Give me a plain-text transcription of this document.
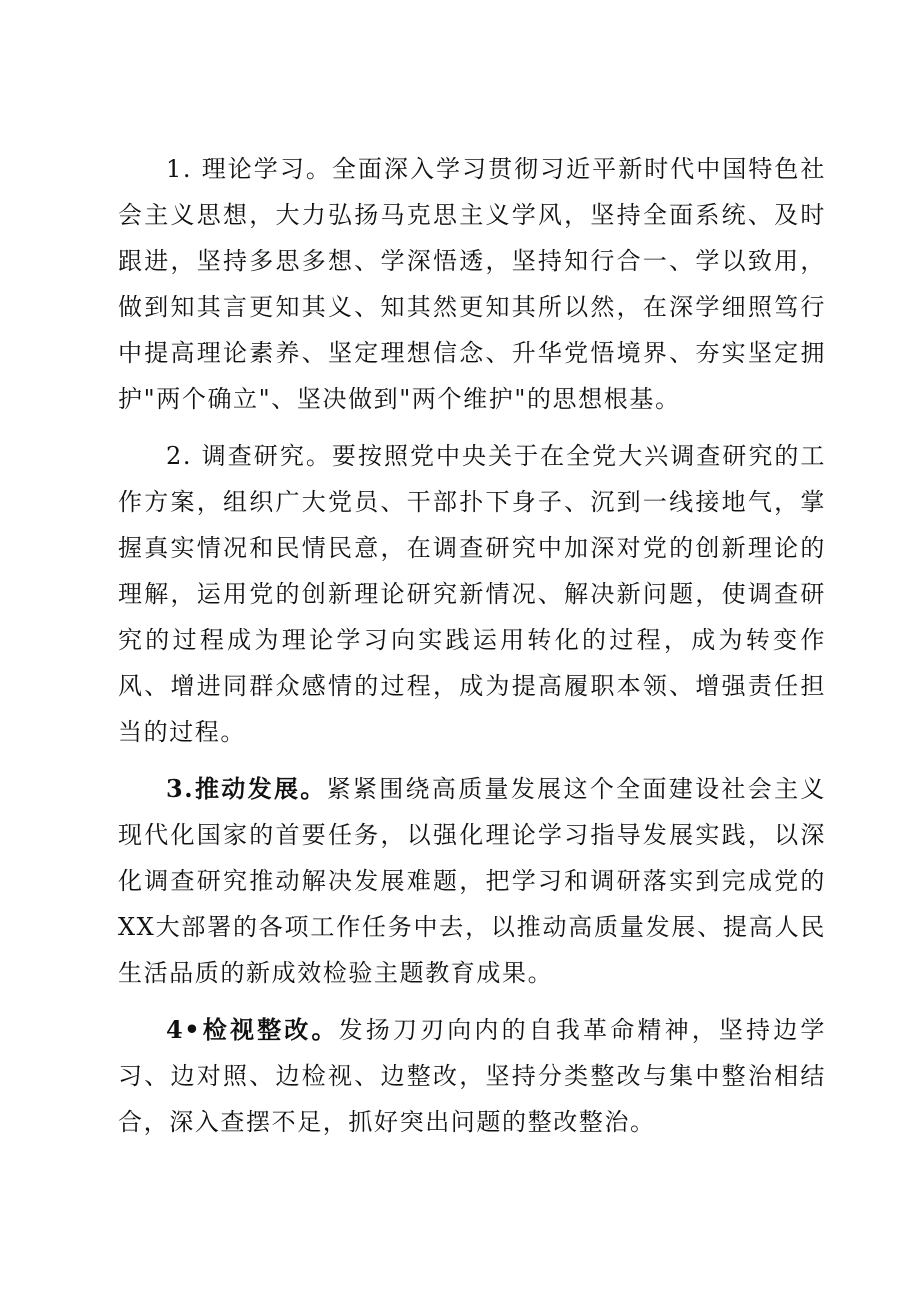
1. 理论学习。全面深入学习贯彻习近平新时代中国特色社会主义思想，大力弘扬马克思主义学风，坚持全面系统、及时跟进，坚持多思多想、学深悟透，坚持知行合一、学以致用，做到知其言更知其义、知其然更知其所以然，在深学细照笃行中提高理论素养、坚定理想信念、升华党悟境界、夯实坚定拥护"两个确立"、坚决做到"两个维护"的思想根基。

2. 调查研究。要按照党中央关于在全党大兴调查研究的工作方案，组织广大党员、干部扑下身子、沉到一线接地气，掌握真实情况和民情民意，在调查研究中加深对党的创新理论的理解，运用党的创新理论研究新情况、解决新问题，使调查研究的过程成为理论学习向实践运用转化的过程，成为转变作风、增进同群众感情的过程，成为提高履职本领、增强责任担当的过程。

3.推动发展。紧紧围绕高质量发展这个全面建设社会主义现代化国家的首要任务，以强化理论学习指导发展实践，以深化调查研究推动解决发展难题，把学习和调研落实到完成党的XX大部署的各项工作任务中去，以推动高质量发展、提高人民生活品质的新成效检验主题教育成果。

4•检视整改。发扬刀刃向内的自我革命精神，坚持边学习、边对照、边检视、边整改，坚持分类整改与集中整治相结合，深入查摆不足，抓好突出问题的整改整治。
